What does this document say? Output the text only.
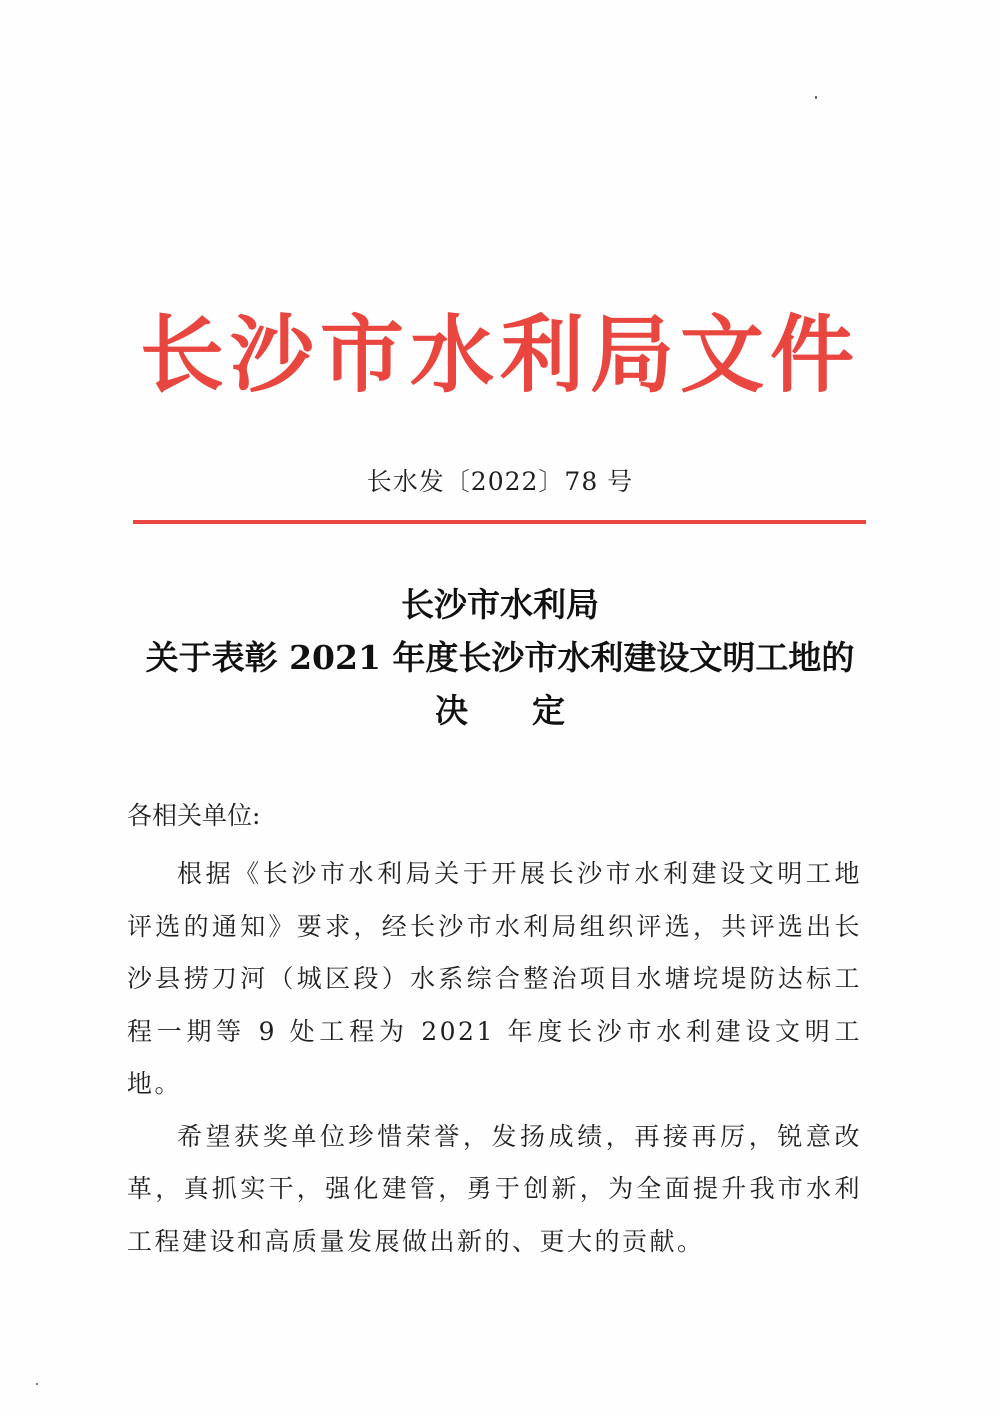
长沙市水利局文件
长水发〔2022〕78 号
长沙市水利局
关于表彰 2021 年度长沙市水利建设文明工地的
决定
各相关单位:

根据《长沙市水利局关于开展长沙市水利建设文明工地评选的通知》要求，经长沙市水利局组织评选，共评选出长沙县捞刀河（城区段）水系综合整治项目水塘垸堤防达标工程一期等 9 处工程为 2021 年度长沙市水利建设文明工地。

希望获奖单位珍惜荣誉，发扬成绩，再接再厉，锐意改革，真抓实干，强化建管，勇于创新，为全面提升我市水利工程建设和高质量发展做出新的、更大的贡献。
